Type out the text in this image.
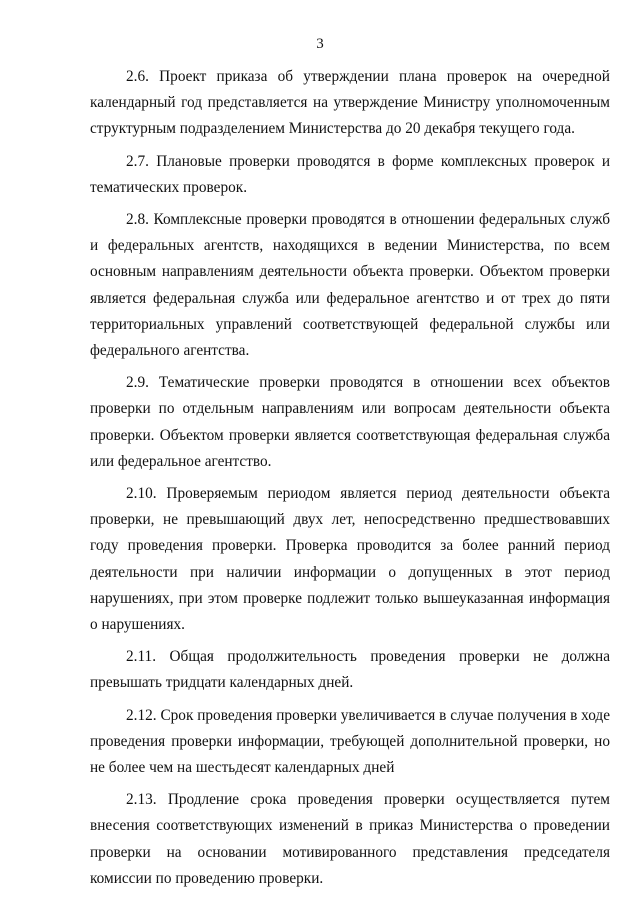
3

2.6. Проект приказа об утверждении плана проверок на очередной календарный год представляется на утверждение Министру уполномоченным структурным подразделением Министерства до 20 декабря текущего года.

2.7. Плановые проверки проводятся в форме комплексных проверок и тематических проверок.

2.8. Комплексные проверки проводятся в отношении федеральных служб и федеральных агентств, находящихся в ведении Министерства, по всем основным направлениям деятельности объекта проверки. Объектом проверки является федеральная служба или федеральное агентство и от трех до пяти территориальных управлений соответствующей федеральной службы или федерального агентства.

2.9. Тематические проверки проводятся в отношении всех объектов проверки по отдельным направлениям или вопросам деятельности объекта проверки. Объектом проверки является соответствующая федеральная служба или федеральное агентство.

2.10. Проверяемым периодом является период деятельности объекта проверки, не превышающий двух лет, непосредственно предшествовавших году проведения проверки. Проверка проводится за более ранний период деятельности при наличии информации о допущенных в этот период нарушениях, при этом проверке подлежит только вышеуказанная информация о нарушениях.

2.11. Общая продолжительность проведения проверки не должна превышать тридцати календарных дней.

2.12. Срок проведения проверки увеличивается в случае получения в ходе проведения проверки информации, требующей дополнительной проверки, но не более чем на шестьдесят календарных дней

2.13. Продление срока проведения проверки осуществляется путем внесения соответствующих изменений в приказ Министерства о проведении проверки на основании мотивированного представления председателя комиссии по проведению проверки.
